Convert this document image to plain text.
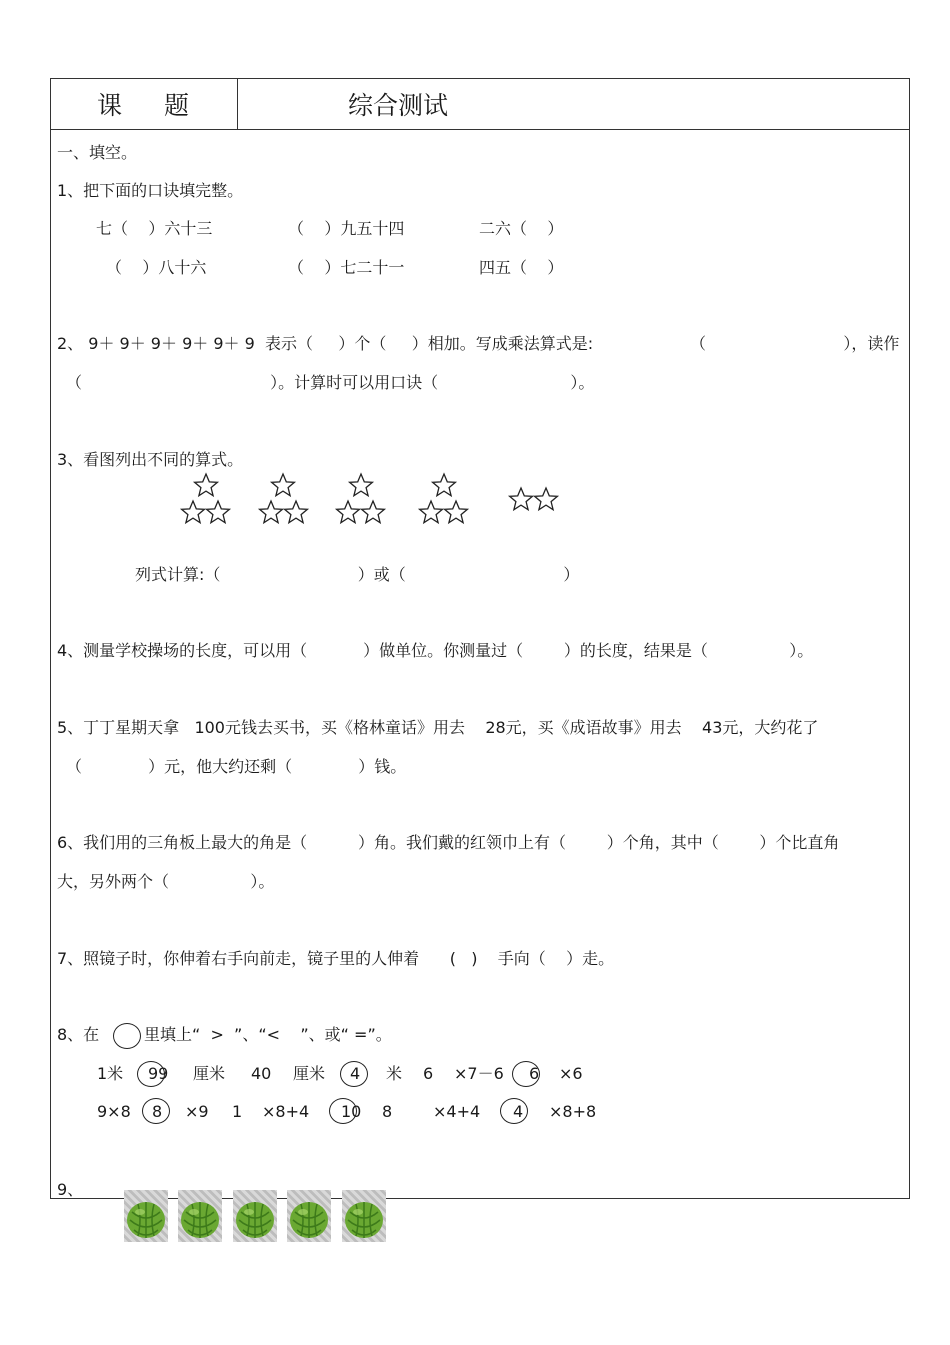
课 题	综合测试
一、填空。
1、把下面的口诀填完整。
七（    ）六十三	（    ）九五十四	二六（    ）
（    ）八十六	（    ）七二十一	四五（    ）
2、 9＋ 9＋ 9＋ 9＋ 9＋ 9  表示（     ）个（     ）相加。写成乘法算式是:	（                           ），读作
（                                     ）。计算时可以用口诀（                          ）。
3、看图列出不同的算式。
列式计算:（                           ）或（                               ）
4、测量学校操场的长度，可以用（           ）做单位。你测量过（        ）的长度，结果是（                ）。
5、丁丁星期天拿   100元钱去买书，买《格林童话》用去    28元，买《成语故事》用去    43元，大约花了
（             ）元，他大约还剩（             ）钱。
6、我们用的三角板上最大的角是（          ）角。我们戴的红领巾上有（        ）个角，其中（        ）个比直角
大，另外两个（                ）。
7、照镜子时，你伸着右手向前走，镜子里的人伸着      (   )    手向（    ）走。
8、在	里填上“  >  ”、“<    ”、或“ =”。
1米 99 厘米 40 厘米 4 米 6 ×7－6 6 ×6
9×8 8 ×9 1 ×8+4 10 8	×4+4 4 ×8+8
9、
